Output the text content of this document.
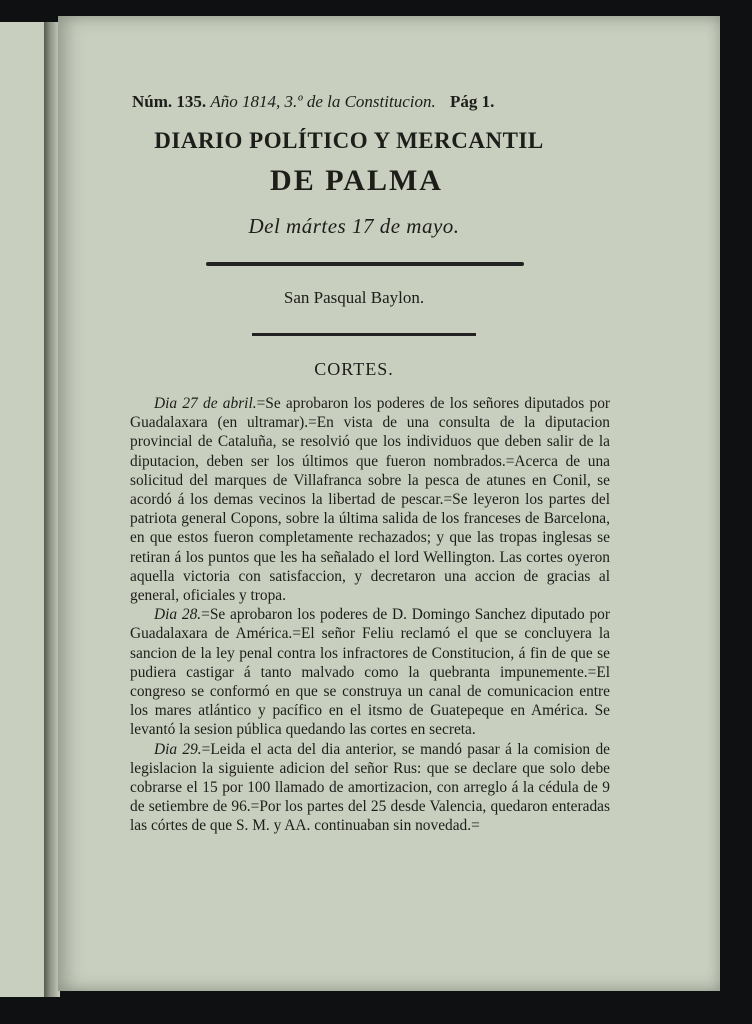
Núm. 135. Año 1814, 3.º de la Constitucion. Pág 1.
DIARIO POLÍTICO Y MERCANTIL
DE PALMA
Del mártes 17 de mayo.
San Pasqual Baylon.
CORTES.

Dia 27 de abril.=Se aprobaron los poderes de los señores diputados por Guadalaxara (en ultramar).=En vista de una consulta de la diputacion provincial de Cataluña, se resolvió que los individuos que deben salir de la diputacion, deben ser los últimos que fueron nombrados.=Acerca de una solicitud del marques de Villafranca sobre la pesca de atunes en Conil, se acordó á los demas vecinos la libertad de pescar.=Se leyeron los partes del patriota general Copons, sobre la última salida de los franceses de Barcelona, en que estos fueron completamente rechazados; y que las tropas inglesas se retiran á los puntos que les ha señalado el lord Wellington. Las cortes oyeron aquella victoria con satisfaccion, y decretaron una accion de gracias al general, oficiales y tropa.

Dia 28.=Se aprobaron los poderes de D. Domingo Sanchez diputado por Guadalaxara de América.=El señor Feliu reclamó el que se concluyera la sancion de la ley penal contra los infractores de Constitucion, á fin de que se pudiera castigar á tanto malvado como la quebranta impunemente.=El congreso se conformó en que se construya un canal de comunicacion entre los mares atlántico y pacífico en el itsmo de Guatepeque en América. Se levantó la sesion pública quedando las cortes en secreta.

Dia 29.=Leida el acta del dia anterior, se mandó pasar á la comision de legislacion la siguiente adicion del señor Rus: que se declare que solo debe cobrarse el 15 por 100 llamado de amortizacion, con arreglo á la cédula de 9 de setiembre de 96.=Por los partes del 25 desde Valencia, quedaron enteradas las córtes de que S. M. y AA. continuaban sin novedad.=
